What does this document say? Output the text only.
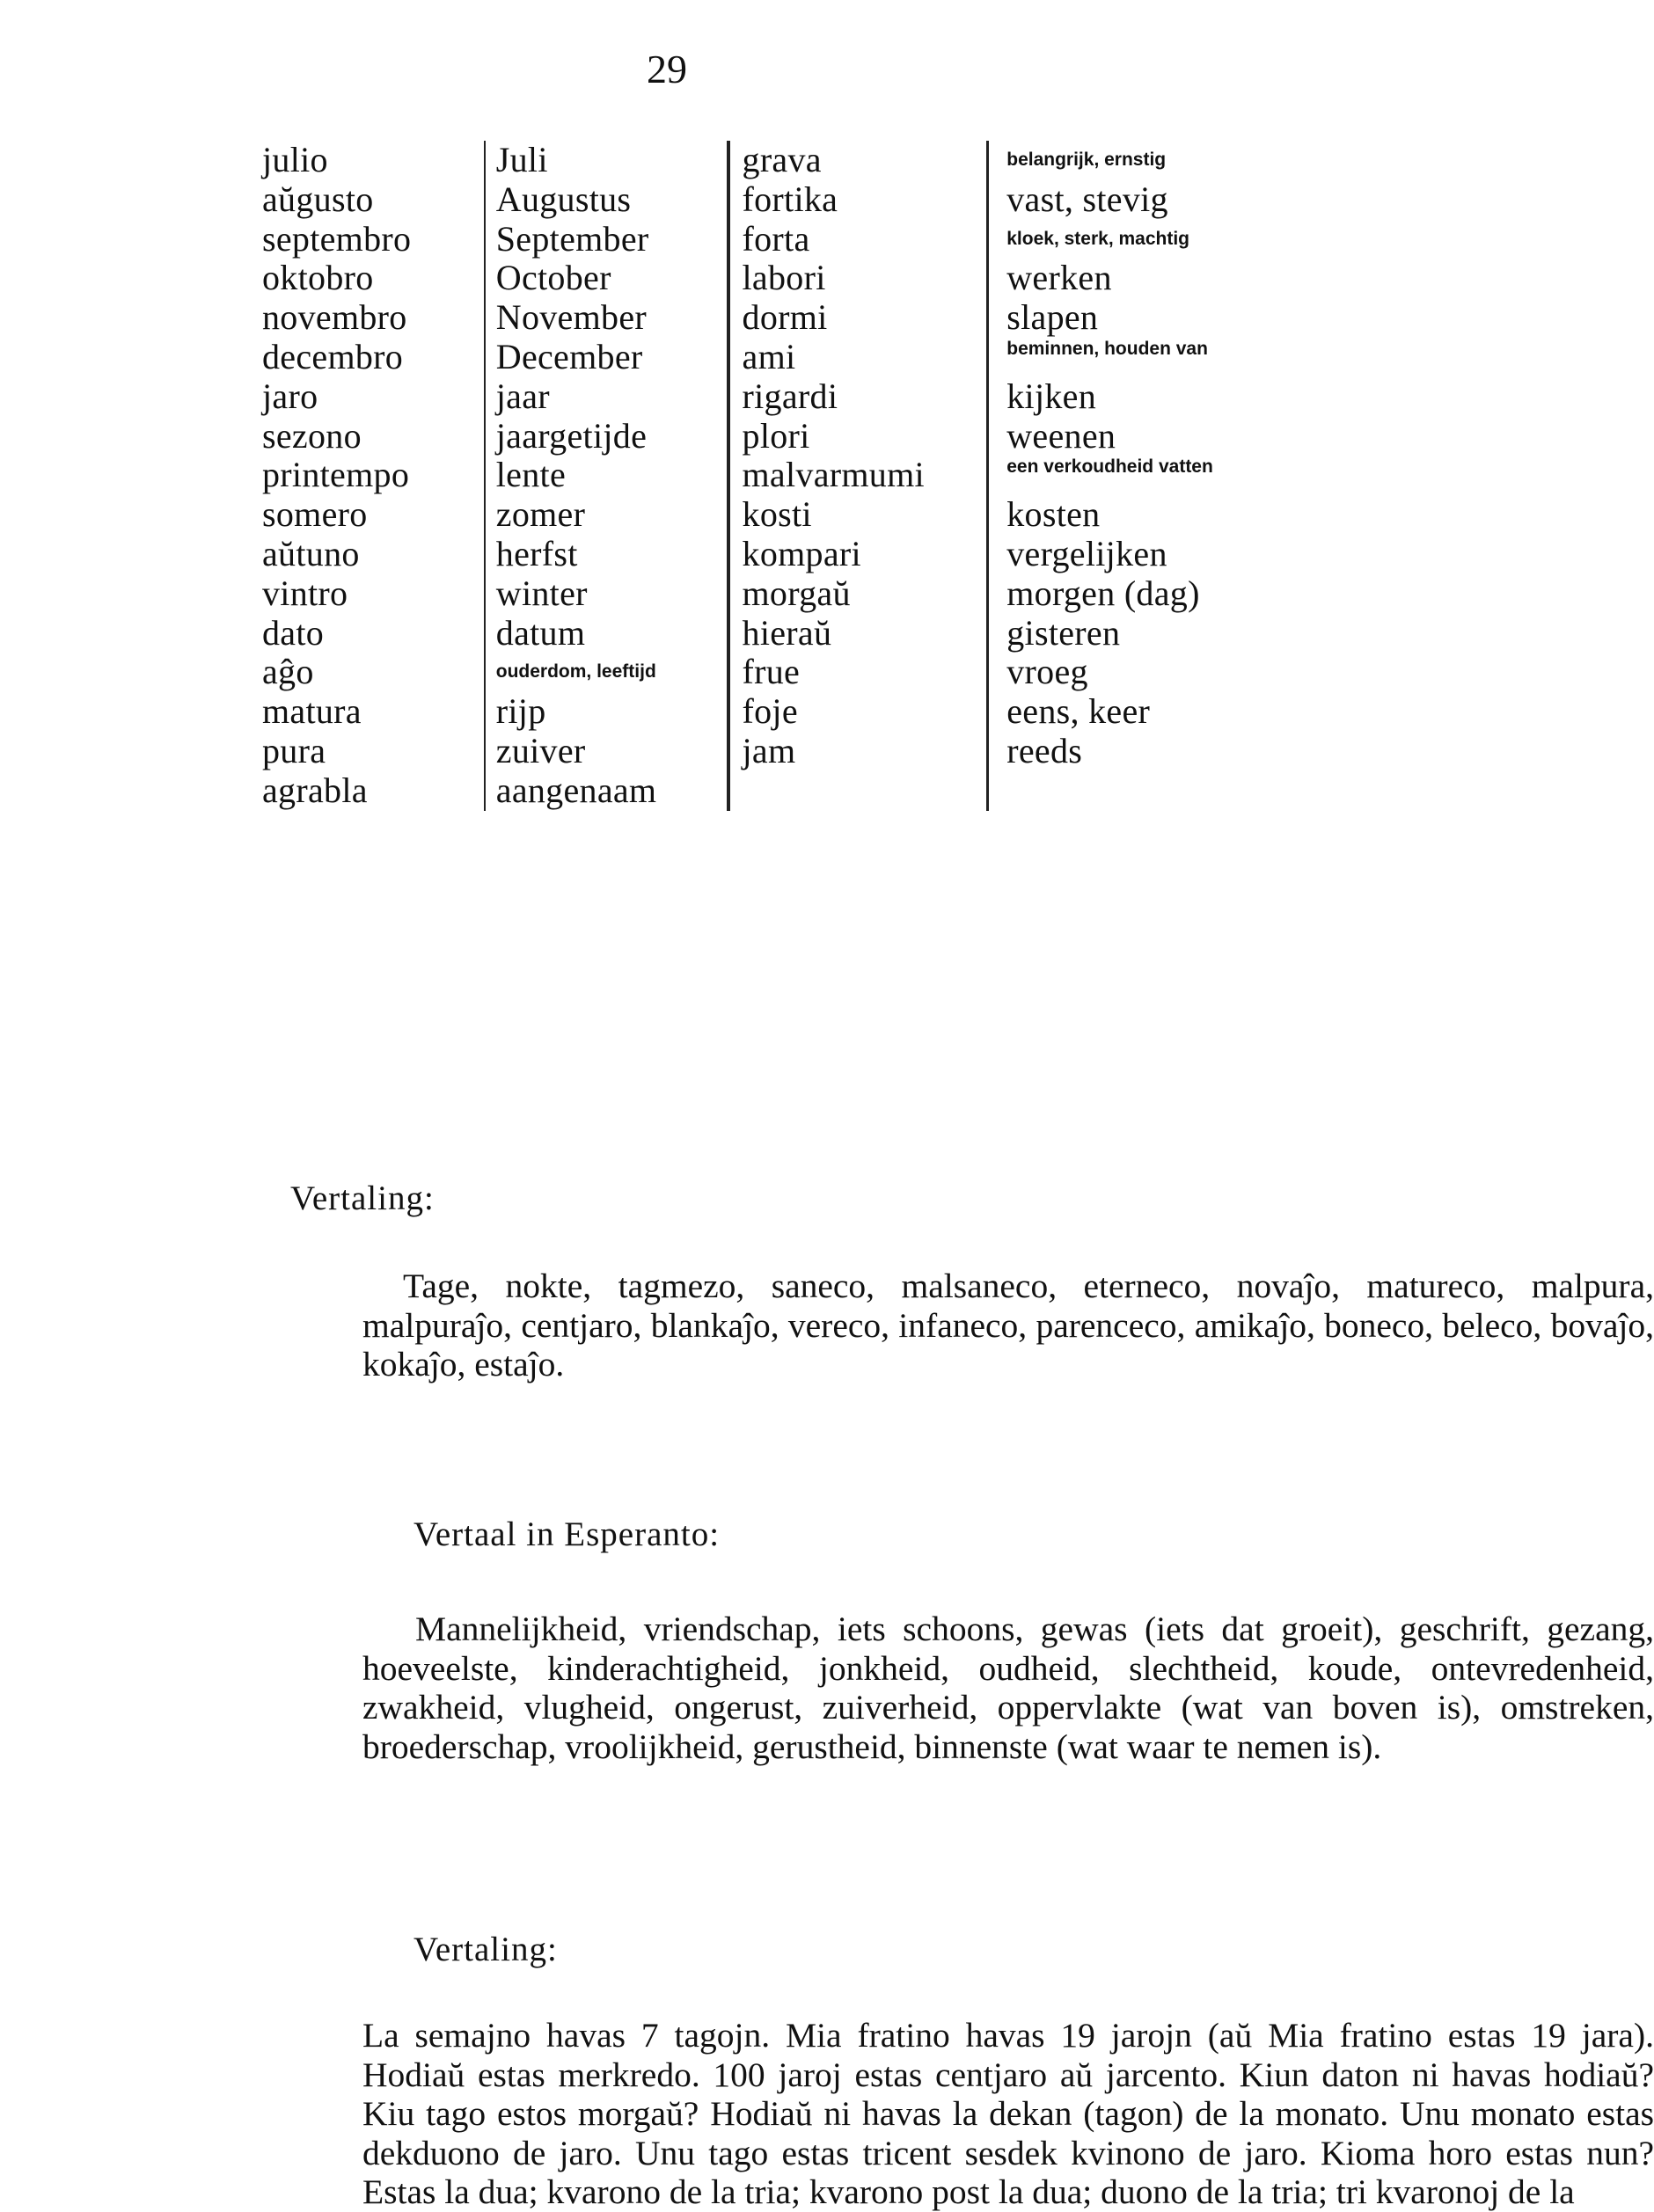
29
julio
aŭgusto
septembro
oktobro
novembro
decembro
jaro
sezono
printempo
somero
aŭtuno
vintro
dato
aĝo
matura
pura
agrabla
Juli
Augustus
September
October
November
December
jaar
jaargetijde
lente
zomer
herfst
winter
datum
ouderdom, leeftijd
rijp
zuiver
aangenaam
grava
fortika
forta
labori
dormi
ami
rigardi
plori
malvarmumi
kosti
kompari
morgaŭ
hieraŭ
frue
foje
jam
belangrijk, ernstig
vast, stevig
kloek, sterk, machtig
werken
slapen
beminnen, houden van
kijken
weenen
een verkoudheid vatten
kosten
vergelijken
morgen (dag)
gisteren
vroeg
eens, keer
reeds
Vertaling:
Tage, nokte, tagmezo, saneco, malsaneco, eterneco, novaĵo, matureco, malpura, malpuraĵo, centjaro, blankaĵo, vereco, infaneco, parenceco, amikaĵo, boneco, beleco, bovaĵo, kokaĵo, estaĵo.
Vertaal in Esperanto:
Mannelijkheid, vriendschap, iets schoons, gewas (iets dat groeit), geschrift, gezang, hoeveelste, kinderachtigheid, jonkheid, oudheid, slechtheid, koude, ontevredenheid, zwakheid, vlugheid, ongerust, zuiverheid, oppervlakte (wat van boven is), omstreken, broederschap, vroolijkheid, gerustheid, binnenste (wat waar te nemen is).
Vertaling:
La semajno havas 7 tagojn. Mia fratino havas 19 jarojn (aŭ Mia fratino estas 19 jara). Hodiaŭ estas merkredo. 100 jaroj estas centjaro aŭ jarcento. Kiun daton ni havas hodiaŭ? Kiu tago estos morgaŭ? Hodiaŭ ni havas la dekan (tagon) de la monato. Unu monato estas dekduono de jaro. Unu tago estas tricent sesdek kvinono de jaro. Kioma horo estas nun? Estas la dua; kvarono de la tria; kvarono post la dua; duono de la tria; tri kvaronoj de la
